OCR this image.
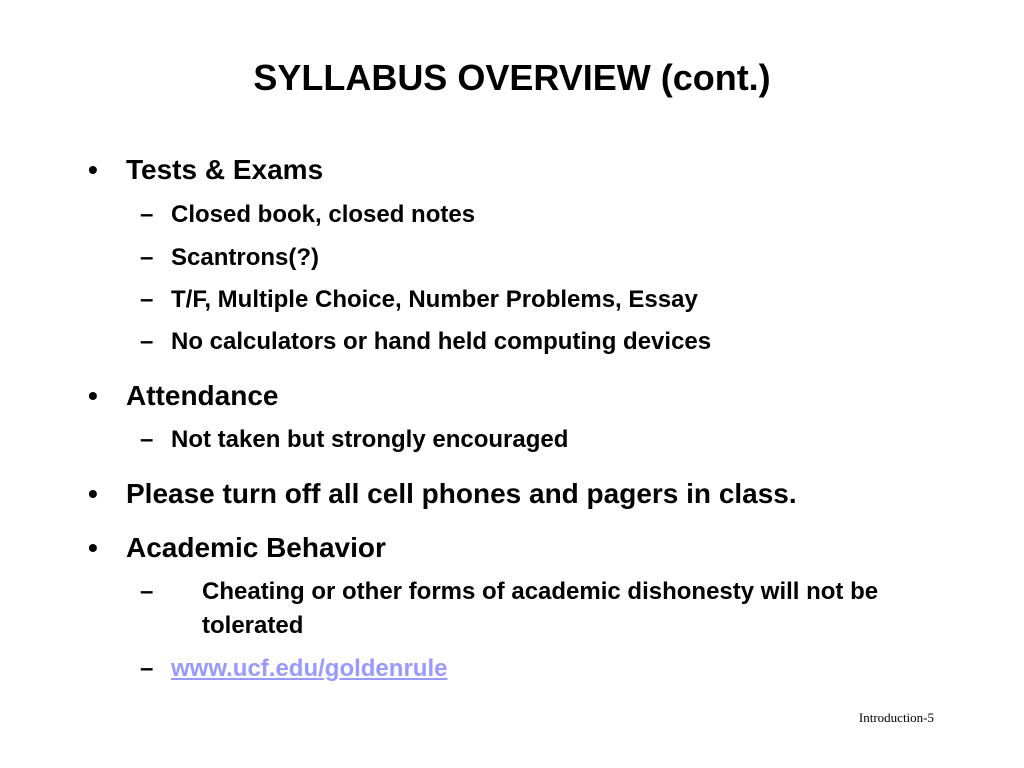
SYLLABUS OVERVIEW (cont.)
• Tests & Exams
– Closed book, closed notes
– Scantrons(?)
– T/F, Multiple Choice, Number Problems, Essay
– No calculators or hand held computing devices
• Attendance
– Not taken but strongly encouraged
• Please turn off all cell phones and pagers in class.
• Academic Behavior
– Cheating or other forms of academic dishonesty will not be tolerated
– www.ucf.edu/goldenrule
Introduction-5
